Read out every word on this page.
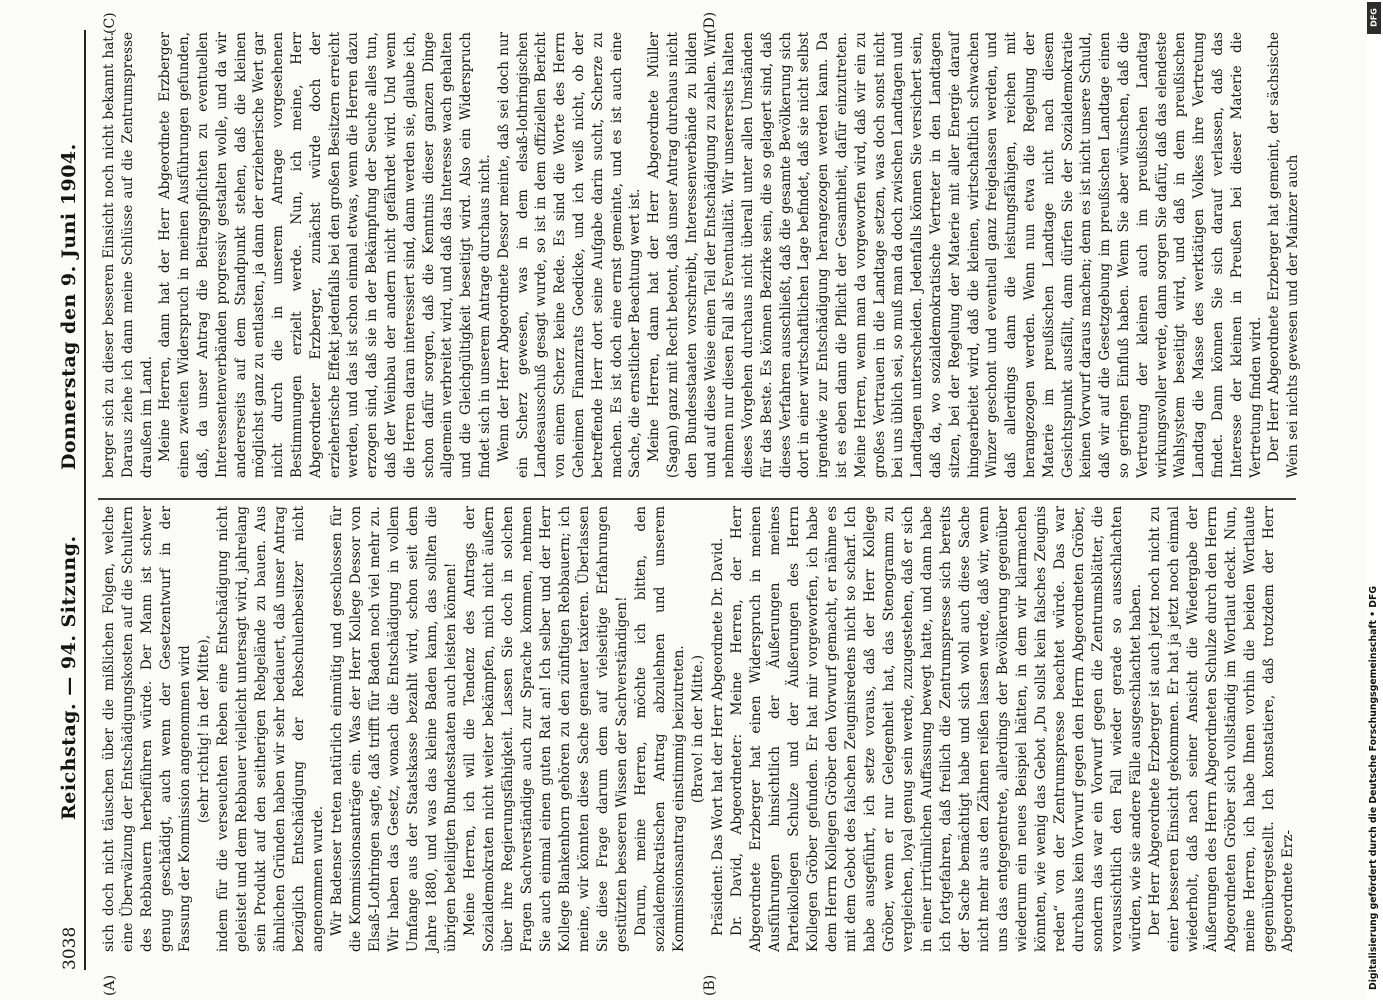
3038
Reichstag. — 94. Sitzung.
Donnerstag den 9. Juni 1904.
(A)	(B)
(C)	(D)

sich doch nicht täuschen über die mißlichen Folgen, welche eine Überwälzung der Entschädigungskosten auf die Schultern des Rebbauern herbeiführen würde. Der Mann ist schwer genug geschädigt, auch wenn der Gesetzentwurf in der Fassung der Kommission angenommen wird (sehr richtig! in der Mitte), indem für die verseuchten Reben eine Entschädigung nicht geleistet und dem Rebbauer vielleicht untersagt wird, jahrelang sein Produkt auf den seitherigen Rebgelände zu bauen. Aus ähnlichen Gründen haben wir sehr bedauert, daß unser Antrag bezüglich Entschädigung der Rebschulenbesitzer nicht angenommen wurde. Wir Badenser treten natürlich einmütig und geschlossen für die Kommissionsanträge ein. Was der Herr Kollege Dessor von Elsaß-Lothringen sagte, daß trifft für Baden noch viel mehr zu. Wir haben das Gesetz, wonach die Entschädigung in vollem Umfange aus der Staatskasse bezahlt wird, schon seit dem Jahre 1880, und was das kleine Baden kann, das sollten die übrigen beteiligten Bundesstaaten auch leisten können! Meine Herren, ich will die Tendenz des Antrags der Sozialdemokraten nicht weiter bekämpfen, mich nicht äußern über ihre Regierungsfähigkeit. Lassen Sie doch in solchen Fragen Sachverständige auch zur Sprache kommen, nehmen Sie auch einmal einen guten Rat an! Ich selber und der Herr Kollege Blankenhorn gehören zu den zünftigen Rebbauern; ich meine, wir könnten diese Sache genauer taxieren. Überlassen Sie diese Frage darum dem auf vielseitige Erfahrungen gestützten besseren Wissen der Sachverständigen! Darum, meine Herren, möchte ich bitten, den sozialdemokratischen Antrag abzulehnen und unserem Kommissionsantrag einstimmig beizutreten. (Bravo! in der Mitte.) Präsident: Das Wort hat der Herr Abgeordnete Dr. David. Dr. David, Abgeordneter: Meine Herren, der Herr Abgeordnete Erzberger hat einen Widerspruch in meinen Ausführungen hinsichtlich der Äußerungen meines Parteikollegen Schulze und der Äußerungen des Herrn Kollegen Gröber gefunden. Er hat mir vorgeworfen, ich habe dem Herrn Kollegen Gröber den Vorwurf gemacht, er nähme es mit dem Gebot des falschen Zeugnisredens nicht so scharf. Ich habe ausgeführt, ich setze voraus, daß der Herr Kollege Gröber, wenn er nur Gelegenheit hat, das Stenogramm zu vergleichen, loyal genug sein werde, zuzugestehen, daß er sich in einer irrtümlichen Auffassung bewegt hatte, und dann habe ich fortgefahren, daß freilich die Zentrumspresse sich bereits der Sache bemächtigt habe und sich wohl auch diese Sache nicht mehr aus den Zähnen reißen lassen werde, daß wir, wenn uns das entgegentrete, allerdings der Bevölkerung gegenüber wiederum ein neues Beispiel hätten, in dem wir klarmachen könnten, wie wenig das Gebot „Du sollst kein falsches Zeugnis reden“ von der Zentrumspresse beachtet würde. Das war durchaus kein Vorwurf gegen den Herrn Abgeordneten Gröber, sondern das war ein Vorwurf gegen die Zentrumsblätter, die voraussichtlich den Fall wieder gerade so ausschlachten würden, wie sie andere Fälle ausgeschlachtet haben. Der Herr Abgeordnete Erzberger ist auch jetzt noch nicht zu einer besseren Einsicht gekommen. Er hat ja jetzt noch einmal wiederholt, daß nach seiner Ansicht die Wiedergabe der Äußerungen des Herrn Abgeordneten Schulze durch den Herrn Abgeordneten Gröber sich vollständig im Wortlaut deckt. Nun, meine Herren, ich habe Ihnen vorhin die beiden Wortlaute gegenübergestellt. Ich konstatiere, daß trotzdem der Herr Abgeordnete Erz-

berger sich zu dieser besseren Einsicht noch nicht bekannt hat. Daraus ziehe ich dann meine Schlüsse auf die Zentrumspresse draußen im Land. Meine Herren, dann hat der Herr Abgeordnete Erzberger einen zweiten Widerspruch in meinen Ausführungen gefunden, daß, da unser Antrag die Beitragspflichten zu eventuellen Interessentenverbänden progressiv gestalten wolle, und da wir andererseits auf dem Standpunkt stehen, daß die kleinen möglichst ganz zu entlasten, ja dann der erzieherische Wert gar nicht durch die in unserem Antrage vorgesehenen Bestimmungen erzielt werde. Nun, ich meine, Herr Abgeordneter Erzberger, zunächst würde doch der erzieherische Effekt jedenfalls bei den großen Besitzern erreicht werden, und das ist schon einmal etwas, wenn die Herren dazu erzogen sind, daß sie in der Bekämpfung der Seuche alles tun, daß der Weinbau der andern nicht gefährdet wird. Und wenn die Herren daran interessiert sind, dann werden sie, glaube ich, schon dafür sorgen, daß die Kenntnis dieser ganzen Dinge allgemein verbreitet wird, und daß das Interesse wach gehalten und die Gleichgültigkeit beseitigt wird. Also ein Widerspruch findet sich in unserem Antrage durchaus nicht. Wenn der Herr Abgeordnete Dessor meinte, daß sei doch nur ein Scherz gewesen, was in dem elsaß-lothringischen Landesausschuß gesagt wurde, so ist in dem offiziellen Bericht von einem Scherz keine Rede. Es sind die Worte des Herrn Geheimen Finanzrats Goedicke, und ich weiß nicht, ob der betreffende Herr dort seine Aufgabe darin sucht, Scherze zu machen. Es ist doch eine ernst gemeinte, und es ist auch eine Sache, die ernstlicher Beachtung wert ist. Meine Herren, dann hat der Herr Abgeordnete Müller (Sagan) ganz mit Recht betont, daß unser Antrag durchaus nicht den Bundesstaaten vorschreibt, Interessenverbände zu bilden und auf diese Weise einen Teil der Entschädigung zu zahlen. Wir nehmen nur diesen Fall als Eventualität. Wir unsererseits halten dieses Vorgehen durchaus nicht überall unter allen Umständen für das Beste. Es können Bezirke sein, die so gelagert sind, daß dieses Verfahren ausschließt, daß die gesamte Bevölkerung sich dort in einer wirtschaftlichen Lage befindet, daß sie nicht selbst irgendwie zur Entschädigung herangezogen werden kann. Da ist es eben dann die Pflicht der Gesamtheit, dafür einzutreten. Meine Herren, wenn man da vorgeworfen wird, daß wir ein zu großes Vertrauen in die Landtage setzen, was doch sonst nicht bei uns üblich sei, so muß man da doch zwischen Landtagen und Landtagen unterscheiden. Jedenfalls können Sie versichert sein, daß da, wo sozialdemokratische Vertreter in den Landtagen sitzen, bei der Regelung der Materie mit aller Energie darauf hingearbeitet wird, daß die kleinen, wirtschaftlich schwachen Winzer geschont und eventuell ganz freigelassen werden, und daß allerdings dann die leistungsfähigen, reichen mit herangezogen werden. Wenn nun etwa die Regelung der Materie im preußischen Landtage nicht nach diesem Gesichtspunkt ausfällt, dann dürfen Sie der Sozialdemokratie keinen Vorwurf daraus machen; denn es ist nicht unsere Schuld, daß wir auf die Gesetzgebung im preußischen Landtage einen so geringen Einfluß haben. Wenn Sie aber wünschen, daß die Vertretung der kleinen auch im preußischen Landtag wirkungsvoller werde, dann sorgen Sie dafür, daß das elendeste Wahlsystem beseitigt wird, und daß in dem preußischen Landtag die Masse des werktätigen Volkes ihre Vertretung findet. Dann können Sie sich darauf verlassen, daß das Interesse der kleinen in Preußen bei dieser Materie die Vertretung finden wird. Der Herr Abgeordnete Erzberger hat gemeint, der sächsische Wein sei nichts gewesen und der Mainzer auch

DFG
Digitalisierung gefördert durch die Deutsche Forschungsgemeinschaft • DFG
